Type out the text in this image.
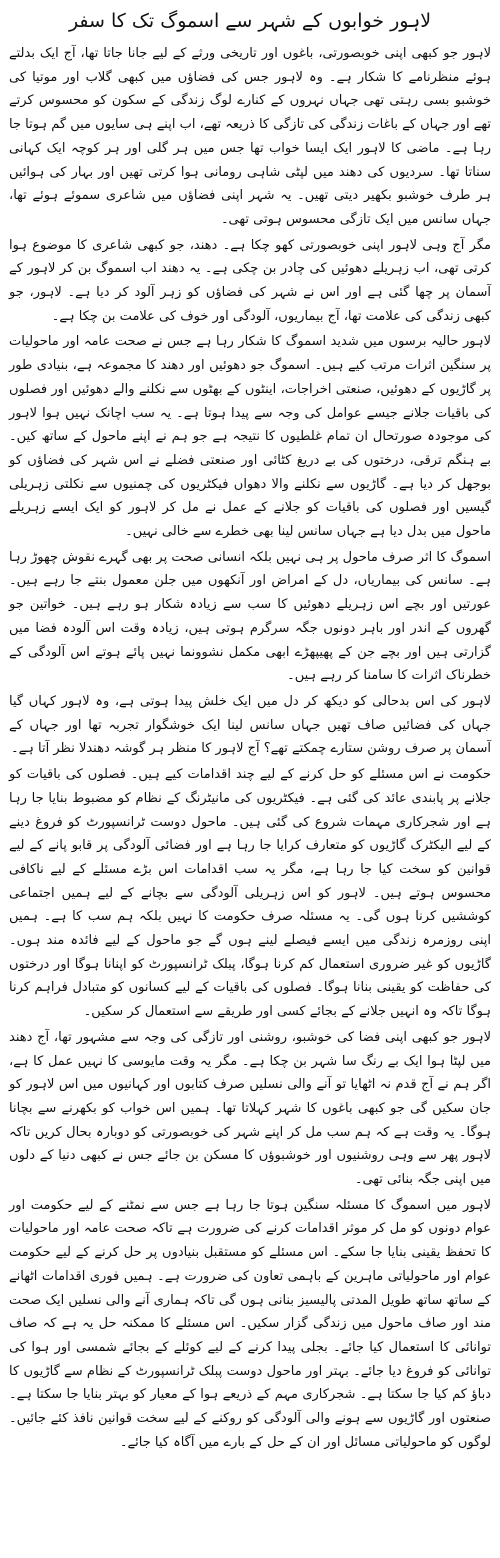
لاہور خوابوں کے شہر سے اسموگ تک کا سفر

لاہور جو کبھی اپنی خوبصورتی، باغوں اور تاریخی ورثے کے لیے جانا جاتا تھا، آج ایک بدلتے ہوئے منظرنامے کا شکار ہے۔ وہ لاہور جس کی فضاؤں میں کبھی گلاب اور موتیا کی خوشبو بسی رہتی تھی جہاں نہروں کے کنارے لوگ زندگی کے سکون کو محسوس کرتے تھے اور جہاں کے باغات زندگی کی تازگی کا ذریعہ تھے، اب اپنے ہی سایوں میں گم ہوتا جا رہا ہے۔ ماضی کا لاہور ایک ایسا خواب تھا جس میں ہر گلی اور ہر کوچہ ایک کہانی سناتا تھا۔ سردیوں کی دھند میں لپٹی شاہی رومانی ہوا کرتی تھیں اور بہار کی ہوائیں ہر طرف خوشبو بکھیر دیتی تھیں۔ یہ شہر اپنی فضاؤں میں شاعری سموئے ہوئے تھا، جہاں سانس میں ایک تازگی محسوس ہوتی تھی۔

مگر آج وہی لاہور اپنی خوبصورتی کھو چکا ہے۔ دھند، جو کبھی شاعری کا موضوع ہوا کرتی تھی، اب زہریلے دھوئیں کی چادر بن چکی ہے۔ یہ دھند اب اسموگ بن کر لاہور کے آسمان پر چھا گئی ہے اور اس نے شہر کی فضاؤں کو زہر آلود کر دیا ہے۔ لاہور، جو کبھی زندگی کی علامت تھا، آج بیماریوں، آلودگی اور خوف کی علامت بن چکا ہے۔

لاہور حالیہ برسوں میں شدید اسموگ کا شکار رہا ہے جس نے صحت عامہ اور ماحولیات پر سنگین اثرات مرتب کیے ہیں۔ اسموگ جو دھوئیں اور دھند کا مجموعہ ہے، بنیادی طور پر گاڑیوں کے دھوئیں، صنعتی اخراجات، اینٹوں کے بھٹوں سے نکلنے والے دھوئیں اور فصلوں کی باقیات جلانے جیسے عوامل کی وجہ سے پیدا ہوتا ہے۔ یہ سب اچانک نہیں ہوا لاہور کی موجودہ صورتحال ان تمام غلطیوں کا نتیجہ ہے جو ہم نے اپنے ماحول کے ساتھ کیں۔ بے ہنگم ترقی، درختوں کی بے دریغ کٹائی اور صنعتی فضلے نے اس شہر کی فضاؤں کو بوجھل کر دیا ہے۔ گاڑیوں سے نکلنے والا دھواں فیکٹریوں کی چمنیوں سے نکلتی زہریلی گیسیں اور فصلوں کی باقیات کو جلانے کے عمل نے مل کر لاہور کو ایک ایسے زہریلے ماحول میں بدل دیا ہے جہاں سانس لینا بھی خطرے سے خالی نہیں۔

اسموگ کا اثر صرف ماحول پر ہی نہیں بلکہ انسانی صحت پر بھی گہرے نقوش چھوڑ رہا ہے۔ سانس کی بیماریاں، دل کے امراض اور آنکھوں میں جلن معمول بنتے جا رہے ہیں۔ عورتیں اور بچے اس زہریلے دھوئیں کا سب سے زیادہ شکار ہو رہے ہیں۔ خواتین جو گھروں کے اندر اور باہر دونوں جگہ سرگرم ہوتی ہیں، زیادہ وقت اس آلودہ فضا میں گزارتی ہیں اور بچے جن کے پھیپھڑے ابھی مکمل نشوونما نہیں پائے ہوتے اس آلودگی کے خطرناک اثرات کا سامنا کر رہے ہیں۔

لاہور کی اس بدحالی کو دیکھ کر دل میں ایک خلش پیدا ہوتی ہے، وہ لاہور کہاں گیا جہاں کی فضائیں صاف تھیں جہاں سانس لینا ایک خوشگوار تجربہ تھا اور جہاں کے آسمان پر صرف روشن ستارے چمکتے تھے؟ آج لاہور کا منظر ہر گوشہ دھندلا نظر آتا ہے۔

حکومت نے اس مسئلے کو حل کرنے کے لیے چند اقدامات کیے ہیں۔ فصلوں کی باقیات کو جلانے پر پابندی عائد کی گئی ہے۔ فیکٹریوں کی مانیٹرنگ کے نظام کو مضبوط بنایا جا رہا ہے اور شجرکاری مہمات شروع کی گئی ہیں۔ ماحول دوست ٹرانسپورٹ کو فروغ دینے کے لیے الیکٹرک گاڑیوں کو متعارف کرایا جا رہا ہے اور فضائی آلودگی پر قابو پانے کے لیے قوانین کو سخت کیا جا رہا ہے، مگر یہ سب اقدامات اس بڑے مسئلے کے لیے ناکافی محسوس ہوتے ہیں۔ لاہور کو اس زہریلی آلودگی سے بچانے کے لیے ہمیں اجتماعی کوششیں کرنا ہوں گی۔ یہ مسئلہ صرف حکومت کا نہیں بلکہ ہم سب کا ہے۔ ہمیں اپنی روزمرہ زندگی میں ایسے فیصلے لینے ہوں گے جو ماحول کے لیے فائدہ مند ہوں۔ گاڑیوں کو غیر ضروری استعمال کم کرنا ہوگا، پبلک ٹرانسپورٹ کو اپنانا ہوگا اور درختوں کی حفاظت کو یقینی بنانا ہوگا۔ فصلوں کی باقیات کے لیے کسانوں کو متبادل فراہم کرنا ہوگا تاکہ وہ انہیں جلانے کے بجائے کسی اور طریقے سے استعمال کر سکیں۔

لاہور جو کبھی اپنی فضا کی خوشبو، روشنی اور تازگی کی وجہ سے مشہور تھا، آج دھند میں لپٹا ہوا ایک بے رنگ سا شہر بن چکا ہے۔ مگر یہ وقت مایوسی کا نہیں عمل کا ہے، اگر ہم نے آج قدم نہ اٹھایا تو آنے والی نسلیں صرف کتابوں اور کہانیوں میں اس لاہور کو جان سکیں گی جو کبھی باغوں کا شہر کہلاتا تھا۔ ہمیں اس خواب کو بکھرنے سے بچانا ہوگا۔ یہ وقت ہے کہ ہم سب مل کر اپنے شہر کی خوبصورتی کو دوبارہ بحال کریں تاکہ لاہور پھر سے وہی روشنیوں اور خوشبوؤں کا مسکن بن جائے جس نے کبھی دنیا کے دلوں میں اپنی جگہ بنائی تھی۔

لاہور میں اسموگ کا مسئلہ سنگین ہوتا جا رہا ہے جس سے نمٹنے کے لیے حکومت اور عوام دونوں کو مل کر موثر اقدامات کرنے کی ضرورت ہے تاکہ صحت عامہ اور ماحولیات کا تحفظ یقینی بنایا جا سکے۔ اس مسئلے کو مستقبل بنیادوں پر حل کرنے کے لیے حکومت عوام اور ماحولیاتی ماہرین کے باہمی تعاون کی ضرورت ہے۔ ہمیں فوری اقدامات اٹھانے کے ساتھ ساتھ طویل المدتی پالیسیز بنانی ہوں گی تاکہ ہماری آنے والی نسلیں ایک صحت مند اور صاف ماحول میں زندگی گزار سکیں۔ اس مسئلے کا ممکنہ حل یہ ہے کہ صاف توانائی کا استعمال کیا جائے۔ بجلی پیدا کرنے کے لیے کوئلے کے بجائے شمسی اور ہوا کی توانائی کو فروغ دیا جائے۔ بہتر اور ماحول دوست پبلک ٹرانسپورٹ کے نظام سے گاڑیوں کا دباؤ کم کیا جا سکتا ہے۔ شجرکاری مہم کے ذریعے ہوا کے معیار کو بہتر بنایا جا سکتا ہے۔ صنعتوں اور گاڑیوں سے ہونے والی آلودگی کو روکنے کے لیے سخت قوانین نافذ کئے جائیں۔ لوگوں کو ماحولیاتی مسائل اور ان کے حل کے بارے میں آگاہ کیا جائے۔
